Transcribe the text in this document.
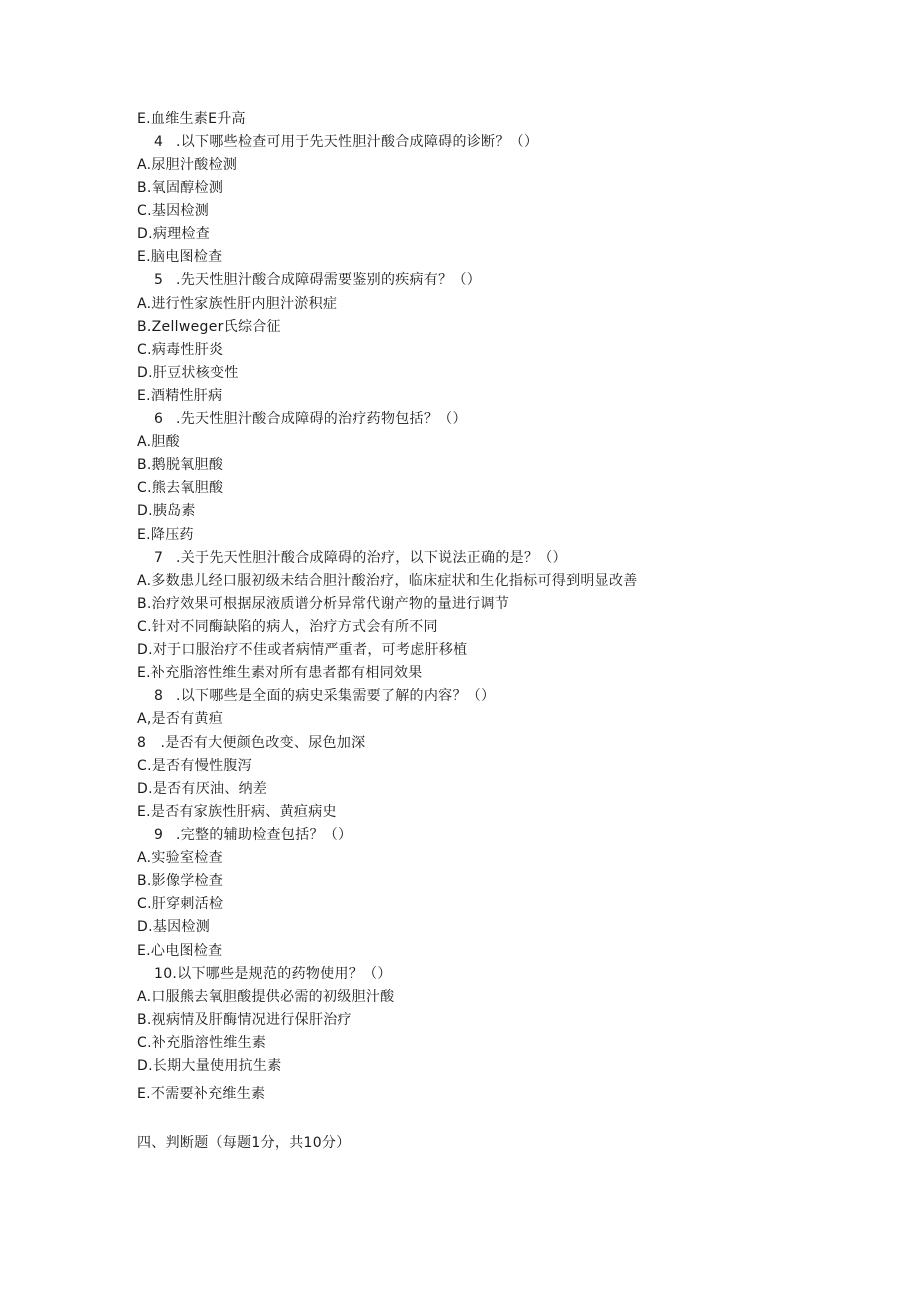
E.血维生素E升高
4 .以下哪些检查可用于先天性胆汁酸合成障碍的诊断？（）
A.尿胆汁酸检测
B.氧固醇检测
C.基因检测
D.病理检查
E.脑电图检查
5 .先天性胆汁酸合成障碍需要鉴别的疾病有？（）
A.进行性家族性肝内胆汁淤积症
B.Zellweger氏综合征
C.病毒性肝炎
D.肝豆状核变性
E.酒精性肝病
6 .先天性胆汁酸合成障碍的治疗药物包括？（）
A.胆酸
B.鹅脱氧胆酸
C.熊去氧胆酸
D.胰岛素
E.降压药
7 .关于先天性胆汁酸合成障碍的治疗，以下说法正确的是？（）
A.多数患儿经口服初级未结合胆汁酸治疗，临床症状和生化指标可得到明显改善
B.治疗效果可根据尿液质谱分析异常代谢产物的量进行调节
C.针对不同酶缺陷的病人，治疗方式会有所不同
D.对于口服治疗不佳或者病情严重者，可考虑肝移植
E.补充脂溶性维生素对所有患者都有相同效果
8 .以下哪些是全面的病史采集需要了解的内容？（）
A,是否有黄疸
8　.是否有大便颜色改变、尿色加深
C.是否有慢性腹泻
D.是否有厌油、纳差
E.是否有家族性肝病、黄疸病史
9 .完整的辅助检查包括？（）
A.实验室检查
B.影像学检查
C.肝穿刺活检
D.基因检测
E.心电图检查
10.以下哪些是规范的药物使用？（）
A.口服熊去氧胆酸提供必需的初级胆汁酸
B.视病情及肝酶情况进行保肝治疗
C.补充脂溶性维生素
D.长期大量使用抗生素
E.不需要补充维生素
四、判断题（每题1分，共10分）
